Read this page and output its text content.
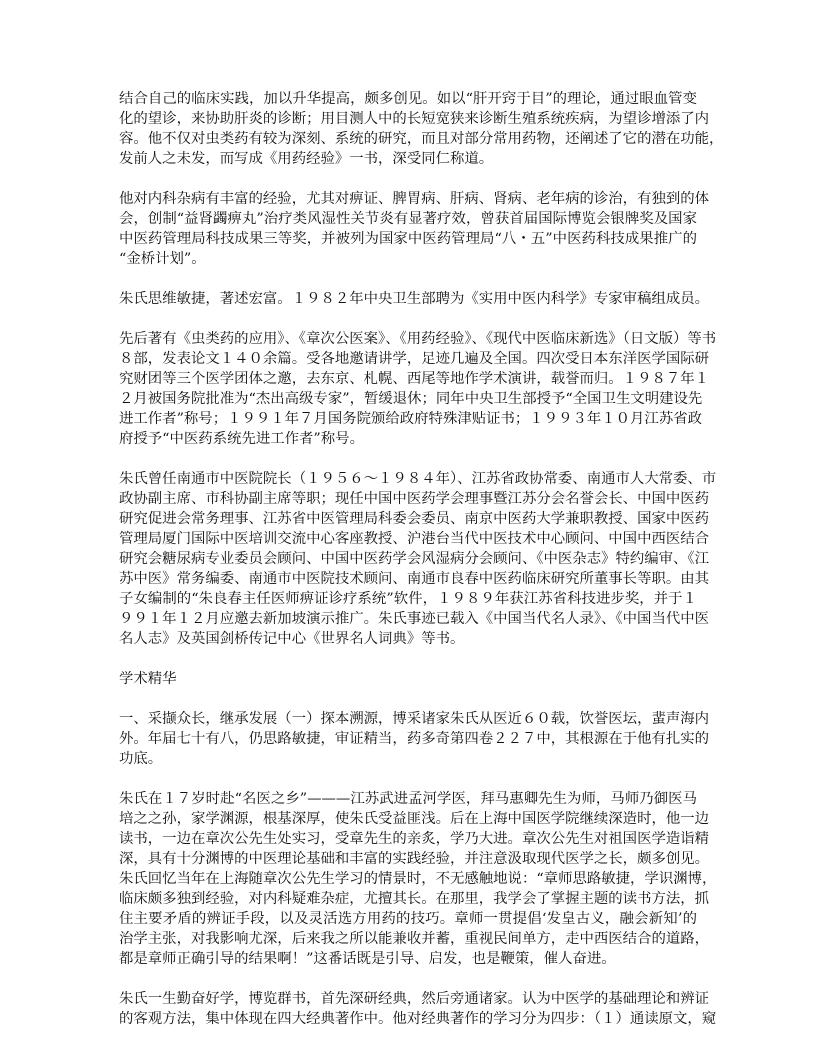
结合自己的临床实践，加以升华提高，颇多创见。如以“肝开窍于目”的理论，通过眼血管变
化的望诊，来协助肝炎的诊断；用目测人中的长短宽狭来诊断生殖系统疾病，为望诊增添了内
容。他不仅对虫类药有较为深刻、系统的研究，而且对部分常用药物，还阐述了它的潜在功能，
发前人之未发，而写成《用药经验》一书，深受同仁称道。
他对内科杂病有丰富的经验，尤其对痹证、脾胃病、肝病、肾病、老年病的诊治，有独到的体
会，创制“益肾蠲痹丸”治疗类风湿性关节炎有显著疗效，曾获首届国际博览会银牌奖及国家
中医药管理局科技成果三等奖，并被列为国家中医药管理局“八・五”中医药科技成果推广的
“金桥计划”。
朱氏思维敏捷，著述宏富。１９８２年中央卫生部聘为《实用中医内科学》专家审稿组成员。
先后著有《虫类药的应用》、《章次公医案》、《用药经验》、《现代中医临床新选》（日文版）等书
８部，发表论文１４０余篇。受各地邀请讲学，足迹几遍及全国。四次受日本东洋医学国际研
究财团等三个医学团体之邀，去东京、札幌、西尾等地作学术演讲，载誉而归。１９８７年１
２月被国务院批准为“杰出高级专家”，暂缓退休；同年中央卫生部授予“全国卫生文明建设先
进工作者”称号；１９９１年７月国务院颁给政府特殊津贴证书；１９９３年１０月江苏省政
府授予“中医药系统先进工作者”称号。
朱氏曾任南通市中医院院长（１９５６～１９８４年）、江苏省政协常委、南通市人大常委、市
政协副主席、市科协副主席等职；现任中国中医药学会理事暨江苏分会名誉会长、中国中医药
研究促进会常务理事、江苏省中医管理局科委会委员、南京中医药大学兼职教授、国家中医药
管理局厦门国际中医培训交流中心客座教授、沪港台当代中医技术中心顾问、中国中西医结合
研究会糖尿病专业委员会顾问、中国中医药学会风湿病分会顾问、《中医杂志》特约编审、《江
苏中医》常务编委、南通市中医院技术顾问、南通市良春中医药临床研究所董事长等职。由其
子女编制的“朱良春主任医师痹证诊疗系统”软件，１９８９年获江苏省科技进步奖，并于１
９９１年１２月应邀去新加坡演示推广。朱氏事迹已载入《中国当代名人录》、《中国当代中医
名人志》及英国剑桥传记中心《世界名人词典》等书。
学术精华
一、采撷众长，继承发展（一）探本溯源，博采诸家朱氏从医近６０载，饮誉医坛，蜚声海内
外。年届七十有八，仍思路敏捷，审证精当，药多奇第四卷２２７中，其根源在于他有扎实的
功底。
朱氏在１７岁时赴“名医之乡”———江苏武进孟河学医，拜马惠卿先生为师，马师乃御医马
培之之孙，家学渊源，根基深厚，使朱氏受益匪浅。后在上海中国医学院继续深造时，他一边
读书，一边在章次公先生处实习，受章先生的亲炙，学乃大进。章次公先生对祖国医学造诣精
深，具有十分渊博的中医理论基础和丰富的实践经验，并注意汲取现代医学之长，颇多创见。
朱氏回忆当年在上海随章次公先生学习的情景时，不无感触地说：“章师思路敏捷，学识渊博，
临床颇多独到经验，对内科疑难杂症，尤擅其长。在那里，我学会了掌握主题的读书方法，抓
住主要矛盾的辨证手段，以及灵活选方用药的技巧。章师一贯提倡‘发皇古义，融会新知’的
治学主张，对我影响尤深，后来我之所以能兼收并蓄，重视民间单方，走中西医结合的道路，
都是章师正确引导的结果啊！”这番话既是引导、启发，也是鞭策，催人奋进。
朱氏一生勤奋好学，博览群书，首先深研经典，然后旁通诸家。认为中医学的基础理论和辨证
的客观方法，集中体现在四大经典著作中。他对经典著作的学习分为四步：（１）通读原文，窥
